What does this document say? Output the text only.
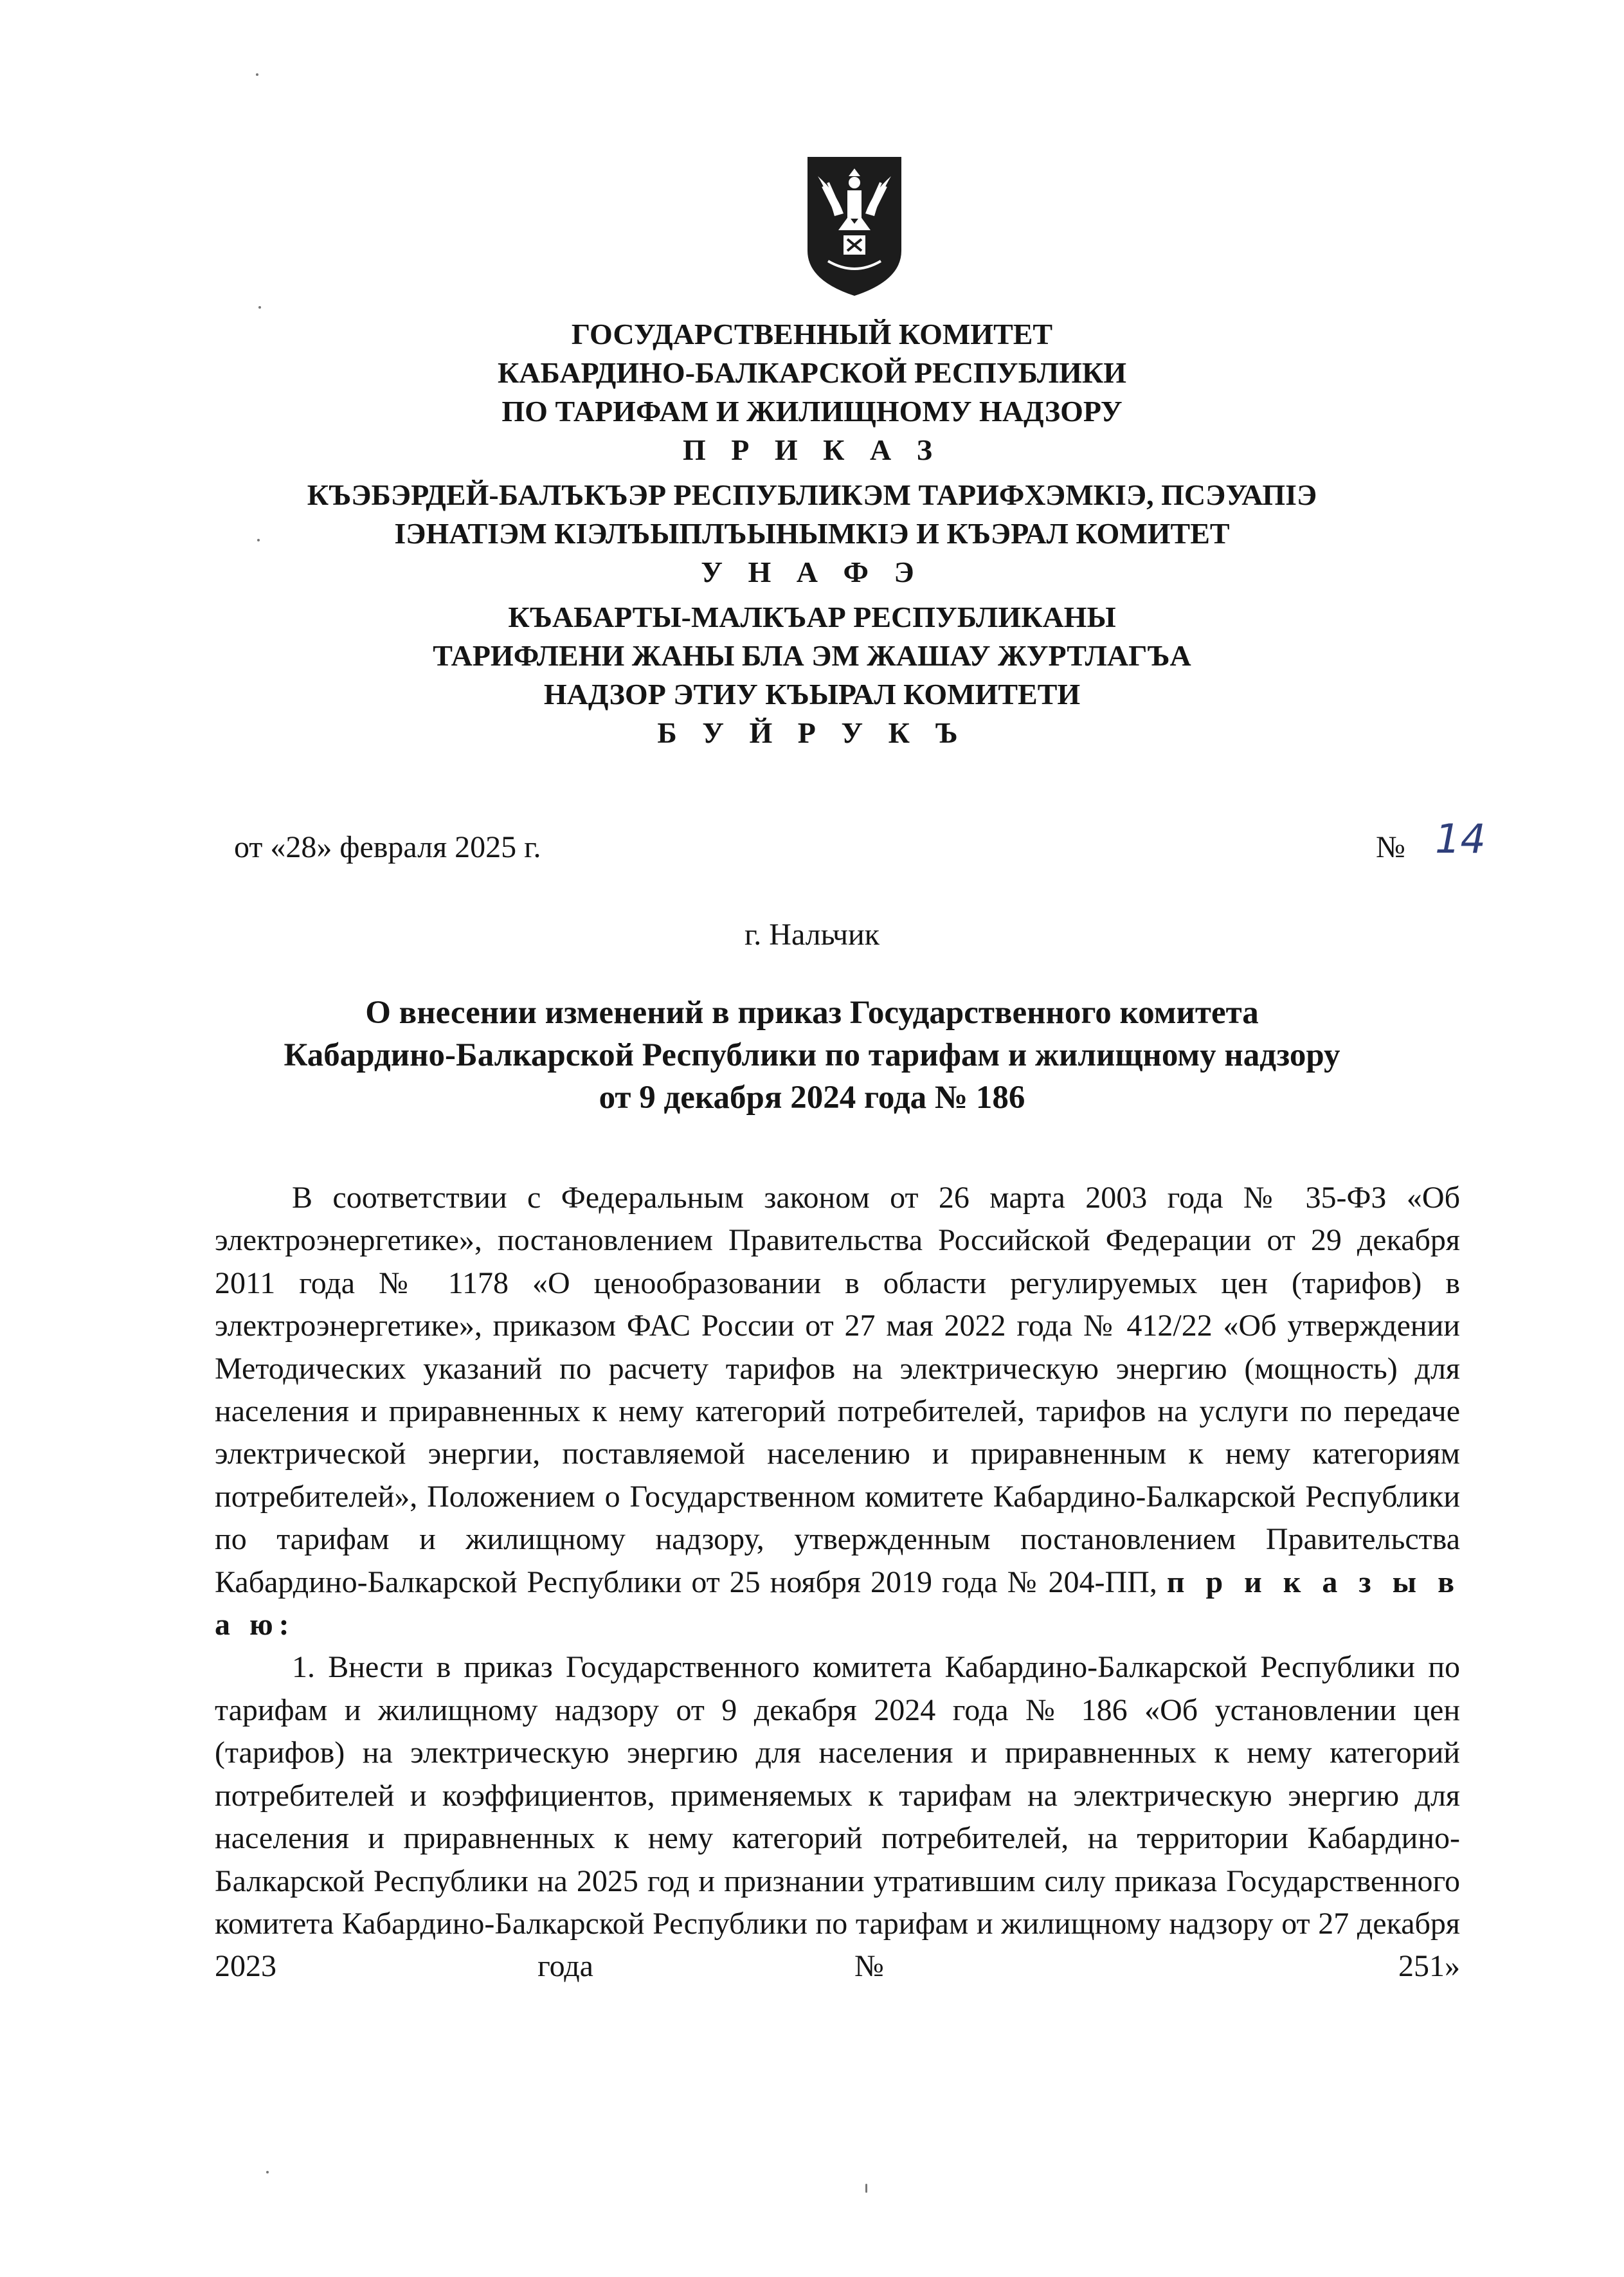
ГОСУДАРСТВЕННЫЙ КОМИТЕТ
КАБАРДИНО-БАЛКАРСКОЙ РЕСПУБЛИКИ
ПО ТАРИФАМ И ЖИЛИЩНОМУ НАДЗОРУ
П Р И К А З
КЪЭБЭРДЕЙ-БАЛЪКЪЭР РЕСПУБЛИКЭМ ТАРИФХЭМКIЭ, ПСЭУАПIЭ
IЭНАТIЭМ КIЭЛЪЫПЛЪЫНЫМКIЭ И КЪЭРАЛ КОМИТЕТ
У Н А Ф Э
КЪАБАРТЫ-МАЛКЪАР РЕСПУБЛИКАНЫ
ТАРИФЛЕНИ ЖАНЫ БЛА ЭМ ЖАШАУ ЖУРТЛАГЪА
НАДЗОР ЭТИУ КЪЫРАЛ КОМИТЕТИ
Б У Й Р У К Ъ
от «28» февраля 2025 г.	№ 14
г. Нальчик
О внесении изменений в приказ Государственного комитета
Кабардино-Балкарской Республики по тарифам и жилищному надзору
от 9 декабря 2024 года № 186

В соответствии с Федеральным законом от 26 марта 2003 года № 35-ФЗ «Об электроэнергетике», постановлением Правительства Российской Федерации от 29 декабря 2011 года № 1178 «О ценообразовании в области регулируемых цен (тарифов) в электроэнергетике», приказом ФАС России от 27 мая 2022 года № 412/22 «Об утверждении Методических указаний по расчету тарифов на электрическую энергию (мощность) для населения и приравненных к нему категорий потребителей, тарифов на услуги по передаче электрической энергии, поставляемой населению и приравненным к нему категориям потребителей», Положением о Государственном комитете Кабардино-Балкарской Республики по тарифам и жилищному надзору, утвержденным постановлением Правительства Кабардино-Балкарской Республики от 25 ноября 2019 года № 204-ПП, п р и к а з ы в а ю:

1. Внести в приказ Государственного комитета Кабардино-Балкарской Республики по тарифам и жилищному надзору от 9 декабря 2024 года № 186 «Об установлении цен (тарифов) на электрическую энергию для населения и приравненных к нему категорий потребителей и коэффициентов, применяемых к тарифам на электрическую энергию для населения и приравненных к нему категорий потребителей, на территории Кабардино-Балкарской Республики на 2025 год и признании утратившим силу приказа Государственного комитета Кабардино-Балкарской Республики по тарифам и жилищному надзору от 27 декабря 2023 года № 251»
